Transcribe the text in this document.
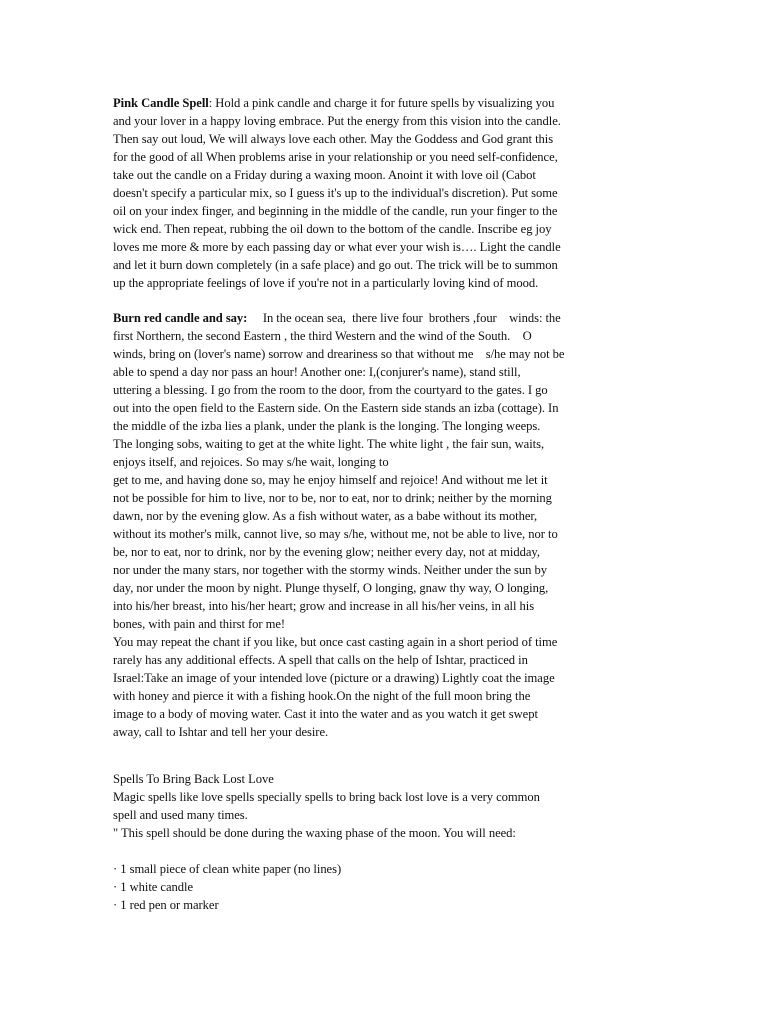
Pink Candle Spell: Hold a pink candle and charge it for future spells by visualizing you
and your lover in a happy loving embrace. Put the energy from this vision into the candle.
Then say out loud, We will always love each other. May the Goddess and God grant this
for the good of all When problems arise in your relationship or you need self-confidence,
take out the candle on a Friday during a waxing moon. Anoint it with love oil (Cabot
doesn't specify a particular mix, so I guess it's up to the individual's discretion). Put some
oil on your index finger, and beginning in the middle of the candle, run your finger to the
wick end. Then repeat, rubbing the oil down to the bottom of the candle. Inscribe eg joy
loves me more & more by each passing day or what ever your wish is…. Light the candle
and let it burn down completely (in a safe place) and go out. The trick will be to summon
up the appropriate feelings of love if you're not in a particularly loving kind of mood.
Burn red candle and say:     In the ocean sea,  there live four  brothers ,four    winds: the
first Northern, the second Eastern , the third Western and the wind of the South.    O
winds, bring on (lover's name) sorrow and dreariness so that without me    s/he may not be
able to spend a day nor pass an hour! Another one: I,(conjurer's name), stand still,
uttering a blessing. I go from the room to the door, from the courtyard to the gates. I go
out into the open field to the Eastern side. On the Eastern side stands an izba (cottage). In
the middle of the izba lies a plank, under the plank is the longing. The longing weeps.
The longing sobs, waiting to get at the white light. The white light , the fair sun, waits,
enjoys itself, and rejoices. So may s/he wait, longing to
get to me, and having done so, may he enjoy himself and rejoice! And without me let it
not be possible for him to live, nor to be, nor to eat, nor to drink; neither by the morning
dawn, nor by the evening glow. As a fish without water, as a babe without its mother,
without its mother's milk, cannot live, so may s/he, without me, not be able to live, nor to
be, nor to eat, nor to drink, nor by the evening glow; neither every day, not at midday,
nor under the many stars, nor together with the stormy winds. Neither under the sun by
day, nor under the moon by night. Plunge thyself, O longing, gnaw thy way, O longing,
into his/her breast, into his/her heart; grow and increase in all his/her veins, in all his
bones, with pain and thirst for me!
You may repeat the chant if you like, but once cast casting again in a short period of time
rarely has any additional effects. A spell that calls on the help of Ishtar, practiced in
Israel:Take an image of your intended love (picture or a drawing) Lightly coat the image
with honey and pierce it with a fishing hook.On the night of the full moon bring the
image to a body of moving water. Cast it into the water and as you watch it get swept
away, call to Ishtar and tell her your desire.
Spells To Bring Back Lost Love
Magic spells like love spells specially spells to bring back lost love is a very common
spell and used many times.
" This spell should be done during the waxing phase of the moon. You will need:

· 1 small piece of clean white paper (no lines)
· 1 white candle
· 1 red pen or marker
